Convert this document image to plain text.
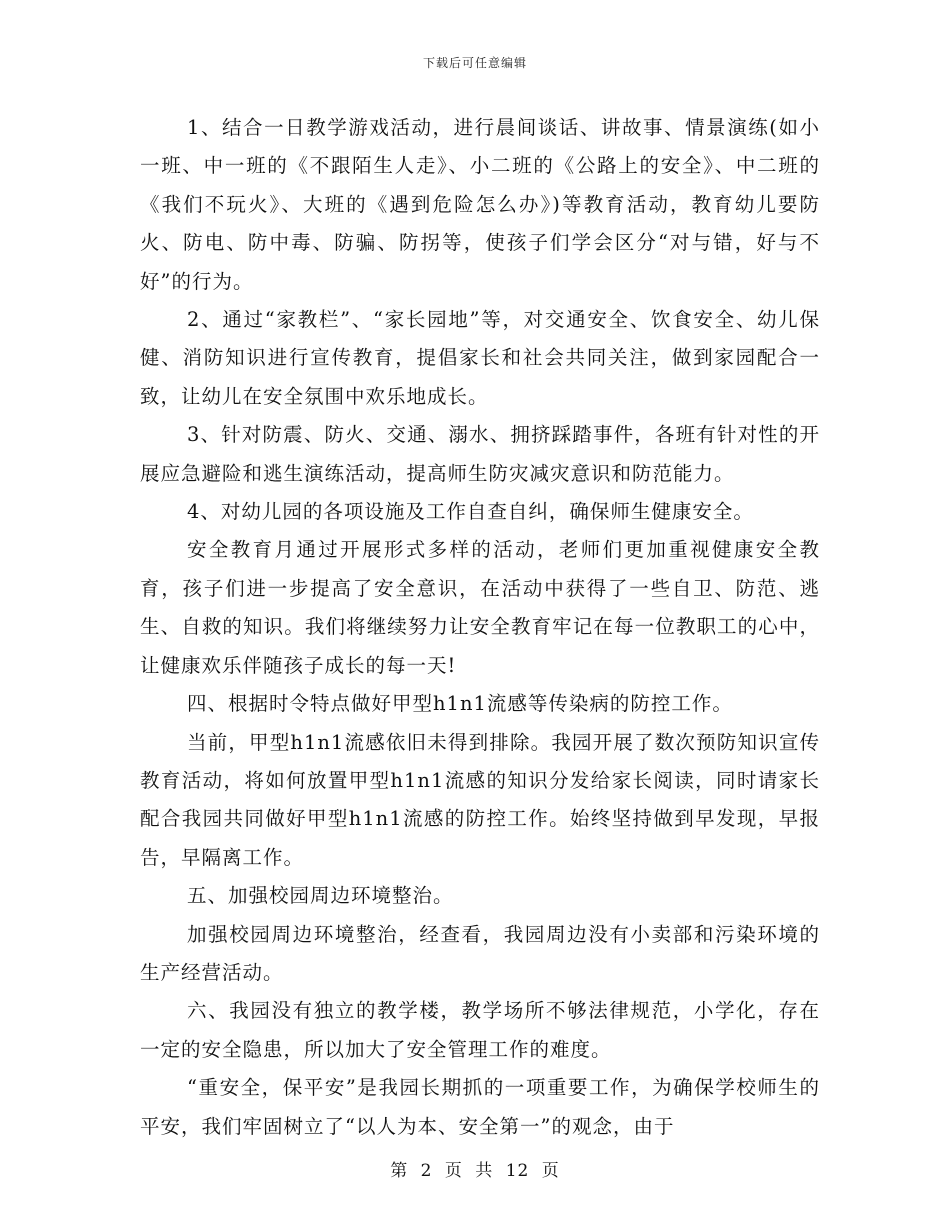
下载后可任意编辑

1、结合一日教学游戏活动，进行晨间谈话、讲故事、情景演练(如小一班、中一班的《不跟陌生人走》、小二班的《公路上的安全》、中二班的《我们不玩火》、大班的《遇到危险怎么办》)等教育活动，教育幼儿要防火、防电、防中毒、防骗、防拐等，使孩子们学会区分“对与错，好与不好”的行为。

2、通过“家教栏”、“家长园地”等，对交通安全、饮食安全、幼儿保健、消防知识进行宣传教育，提倡家长和社会共同关注，做到家园配合一致，让幼儿在安全氛围中欢乐地成长。

3、针对防震、防火、交通、溺水、拥挤踩踏事件，各班有针对性的开展应急避险和逃生演练活动，提高师生防灾减灾意识和防范能力。

4、对幼儿园的各项设施及工作自查自纠，确保师生健康安全。

安全教育月通过开展形式多样的活动，老师们更加重视健康安全教育，孩子们进一步提高了安全意识，在活动中获得了一些自卫、防范、逃生、自救的知识。我们将继续努力让安全教育牢记在每一位教职工的心中，让健康欢乐伴随孩子成长的每一天!

四、根据时令特点做好甲型h1n1流感等传染病的防控工作。

当前，甲型h1n1流感依旧未得到排除。我园开展了数次预防知识宣传教育活动，将如何放置甲型h1n1流感的知识分发给家长阅读，同时请家长配合我园共同做好甲型h1n1流感的防控工作。始终坚持做到早发现，早报告，早隔离工作。

五、加强校园周边环境整治。

加强校园周边环境整治，经查看，我园周边没有小卖部和污染环境的生产经营活动。

六、我园没有独立的教学楼，教学场所不够法律规范，小学化，存在一定的安全隐患，所以加大了安全管理工作的难度。

“重安全，保平安”是我园长期抓的一项重要工作，为确保学校师生的平安，我们牢固树立了“以人为本、安全第一”的观念，由于

第 2 页 共 12 页
